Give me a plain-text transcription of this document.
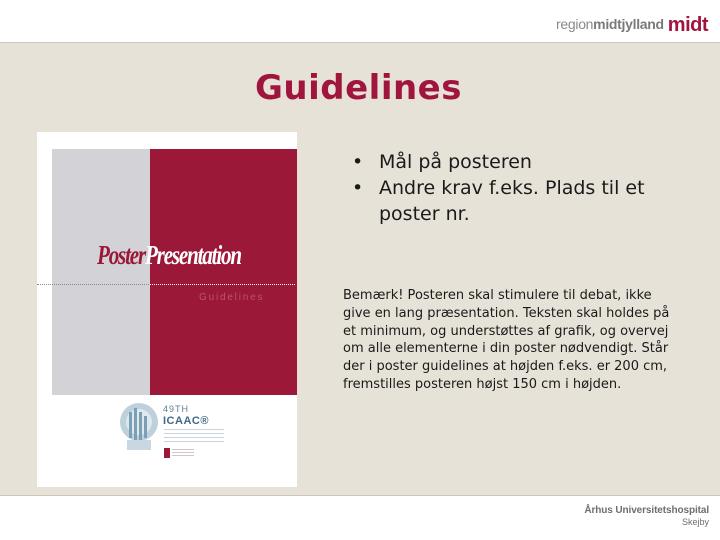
regionmidtjylland midt
Guidelines
PosterPresentation
Guidelines
49TH
ICAAC®
• Mål på posteren
• Andre krav f.eks. Plads til et poster nr.
Bemærk! Posteren skal stimulere til debat, ikke give en lang præsentation. Teksten skal holdes på et minimum, og understøttes af grafik, og overvej om alle elementerne i din poster nødvendigt. Står der i poster guidelines at højden f.eks. er 200 cm, fremstilles posteren højst 150 cm i højden.
Århus Universitetshospital
Skejby
